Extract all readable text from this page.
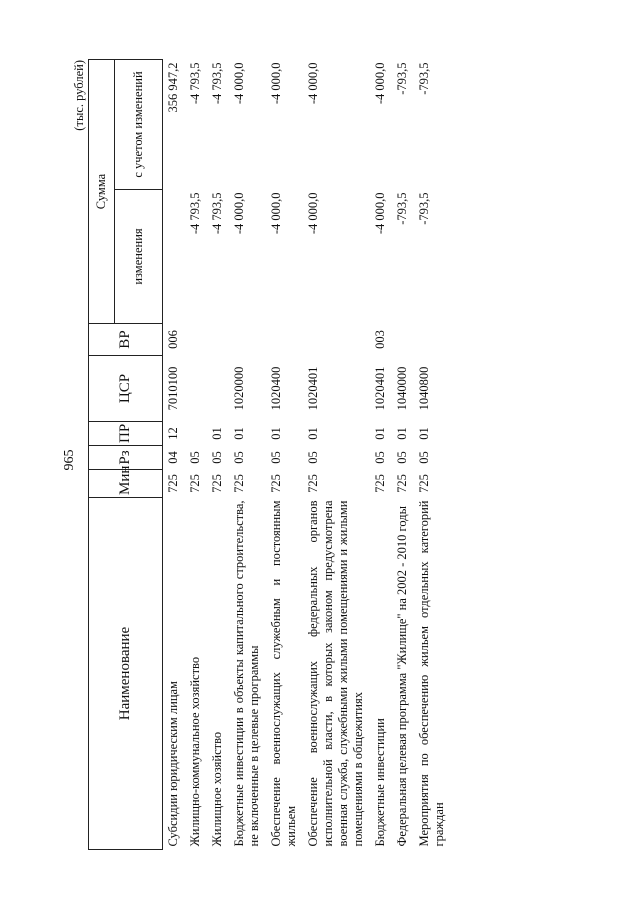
965
(тыс. рублей)
Наименование	Мин	Рз	ПР	ЦСР	ВР	Сумма	
						изменения	с учетом изменений
Субсидии юридическим лицам	725	04	12	7010100	006		356 947,2
Жилищно-коммунальное хозяйство	725	05				-4 793,5	-4 793,5
Жилищное хозяйство	725	05	01			-4 793,5	-4 793,5
Бюджетные инвестиции в объекты капитального строительства, не включенные в целевые программы	725	05	01	1020000		-4 000,0	-4 000,0
Обеспечение военнослужащих служебным и постоянным жильем	725	05	01	1020400		-4 000,0	-4 000,0
Обеспечение военнослужащих федеральных органов исполнительной власти, в которых законом предусмотрена военная служба, служебными жилыми помещениями и жилыми помещениями в общежитиях	725	05	01	1020401		-4 000,0	-4 000,0
Бюджетные инвестиции	725	05	01	1020401	003	-4 000,0	-4 000,0
Федеральная целевая программа "Жилище" на 2002 - 2010 годы	725	05	01	1040000		-793,5	-793,5
Мероприятия по обеспечению жильем отдельных категорий граждан	725	05	01	1040800		-793,5	-793,5
